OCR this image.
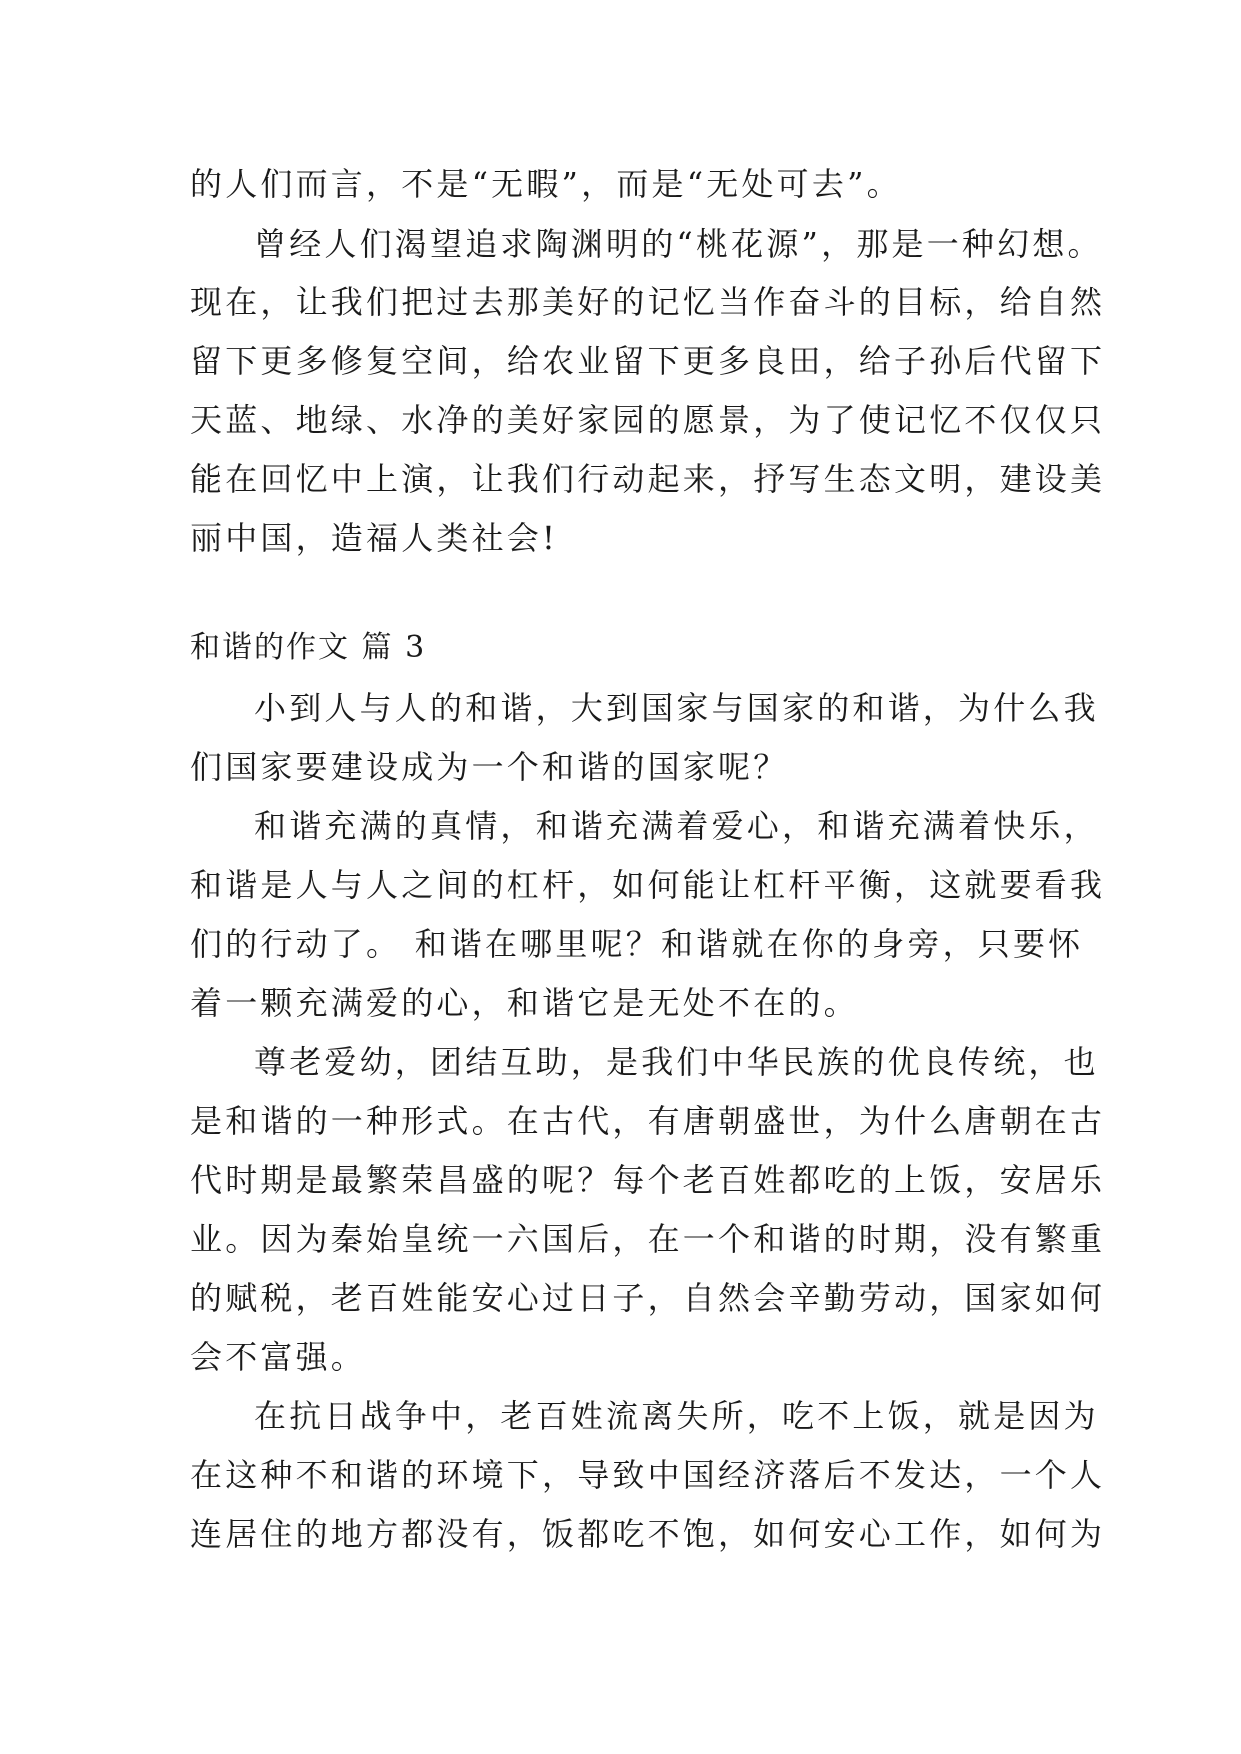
的人们而言，不是“无暇”，而是“无处可去”。
曾经人们渴望追求陶渊明的“桃花源”，那是一种幻想。
现在，让我们把过去那美好的记忆当作奋斗的目标，给自然
留下更多修复空间，给农业留下更多良田，给子孙后代留下
天蓝、地绿、水净的美好家园的愿景，为了使记忆不仅仅只
能在回忆中上演，让我们行动起来，抒写生态文明，建设美
丽中国，造福人类社会!
和谐的作文 篇 3
小到人与人的和谐，大到国家与国家的和谐，为什么我
们国家要建设成为一个和谐的国家呢？
和谐充满的真情，和谐充满着爱心，和谐充满着快乐，
和谐是人与人之间的杠杆，如何能让杠杆平衡，这就要看我
们的行动了。 和谐在哪里呢？和谐就在你的身旁，只要怀
着一颗充满爱的心，和谐它是无处不在的。
尊老爱幼，团结互助，是我们中华民族的优良传统，也
是和谐的一种形式。在古代，有唐朝盛世，为什么唐朝在古
代时期是最繁荣昌盛的呢？每个老百姓都吃的上饭，安居乐
业。因为秦始皇统一六国后，在一个和谐的时期，没有繁重
的赋税，老百姓能安心过日子，自然会辛勤劳动，国家如何
会不富强。
在抗日战争中，老百姓流离失所，吃不上饭，就是因为
在这种不和谐的环境下，导致中国经济落后不发达，一个人
连居住的地方都没有，饭都吃不饱，如何安心工作，如何为
